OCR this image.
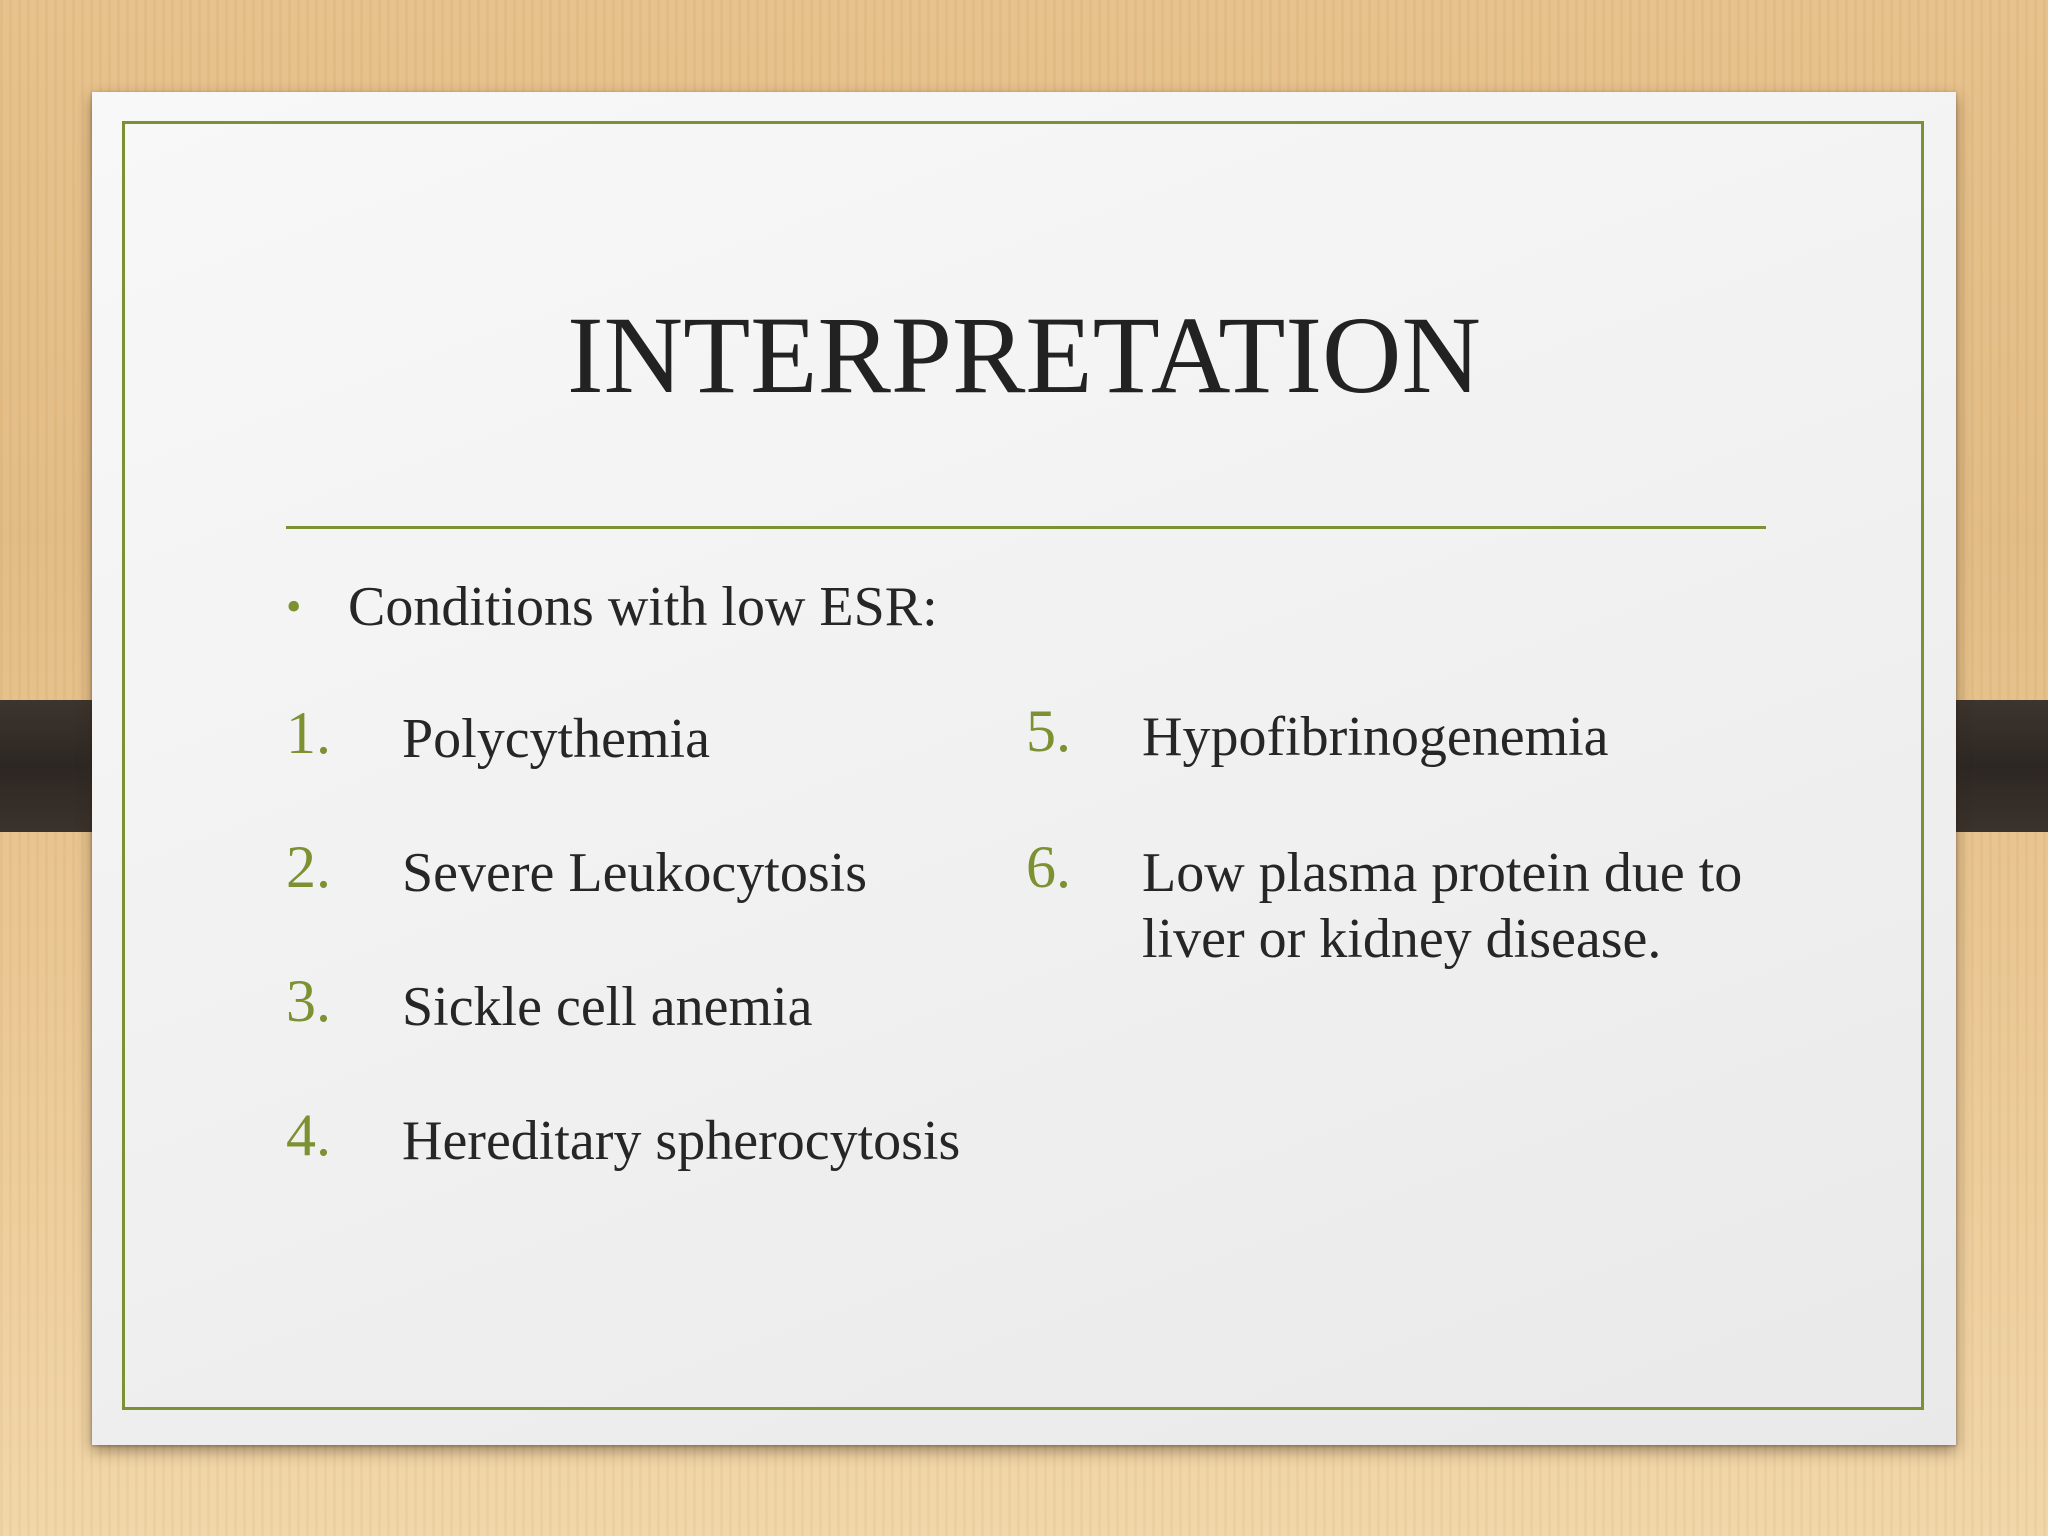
INTERPRETATION
• Conditions with low ESR:
1. Polycythemia
2. Severe Leukocytosis
3. Sickle cell anemia
4. Hereditary spherocytosis
5. Hypofibrinogenemia
6. Low plasma protein due to
liver or kidney disease.
